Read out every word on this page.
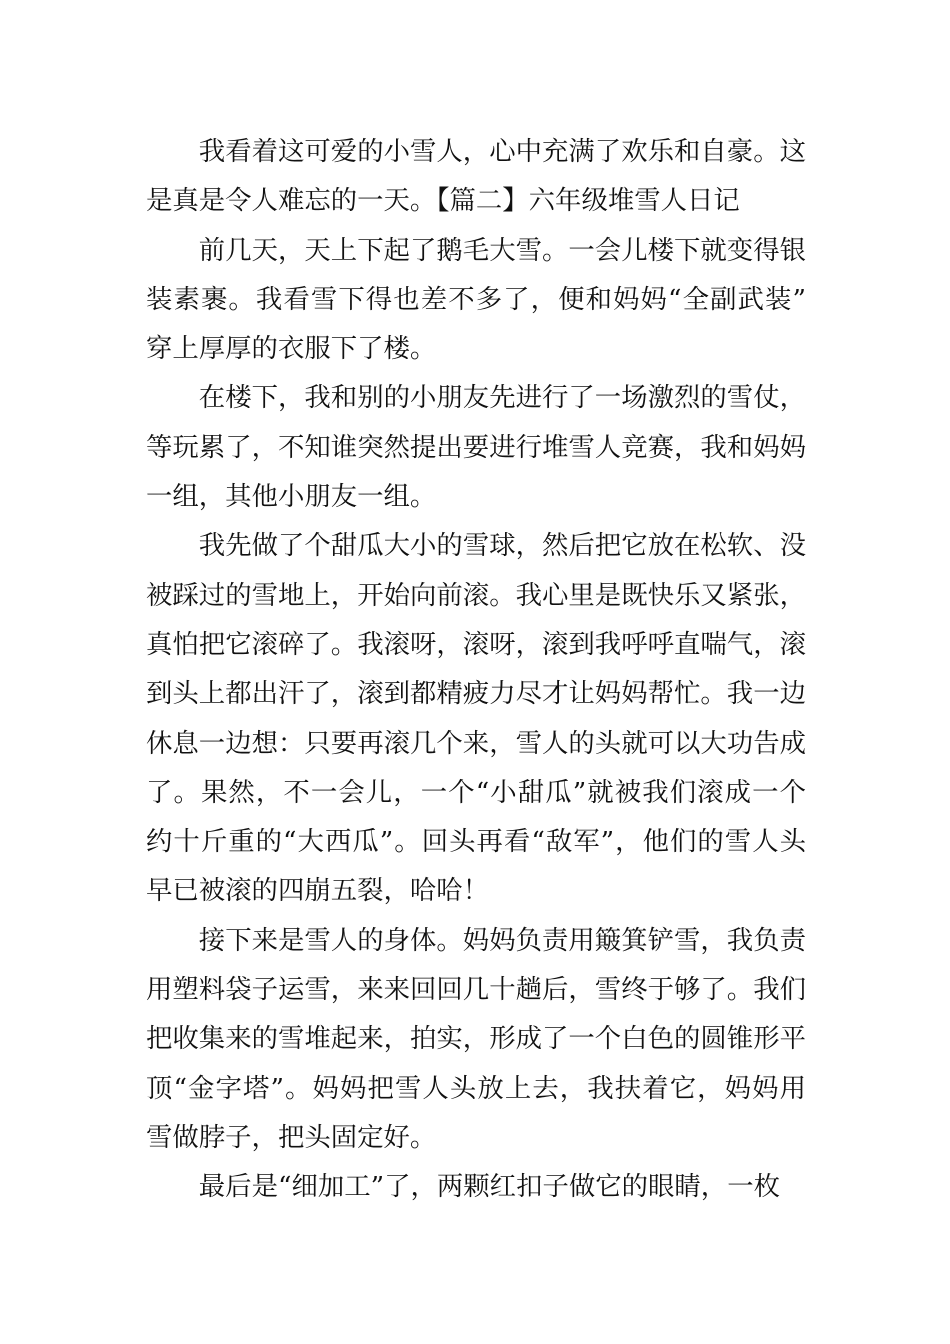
我看着这可爱的小雪人，心中充满了欢乐和自豪。这是真是令人难忘的一天。【篇二】六年级堆雪人日记

前几天，天上下起了鹅毛大雪。一会儿楼下就变得银装素裹。我看雪下得也差不多了，便和妈妈“全副武装”穿上厚厚的衣服下了楼。

在楼下，我和别的小朋友先进行了一场激烈的雪仗，等玩累了，不知谁突然提出要进行堆雪人竞赛，我和妈妈一组，其他小朋友一组。

我先做了个甜瓜大小的雪球，然后把它放在松软、没被踩过的雪地上，开始向前滚。我心里是既快乐又紧张，真怕把它滚碎了。我滚呀，滚呀，滚到我呼呼直喘气，滚到头上都出汗了，滚到都精疲力尽才让妈妈帮忙。我一边休息一边想：只要再滚几个来，雪人的头就可以大功告成了。果然，不一会儿，一个“小甜瓜”就被我们滚成一个约十斤重的“大西瓜”。回头再看“敌军”，他们的雪人头早已被滚的四崩五裂，哈哈！

接下来是雪人的身体。妈妈负责用簸箕铲雪，我负责用塑料袋子运雪，来来回回几十趟后，雪终于够了。我们把收集来的雪堆起来，拍实，形成了一个白色的圆锥形平顶“金字塔”。妈妈把雪人头放上去，我扶着它，妈妈用雪做脖子，把头固定好。

最后是“细加工”了，两颗红扣子做它的眼睛，一枚
